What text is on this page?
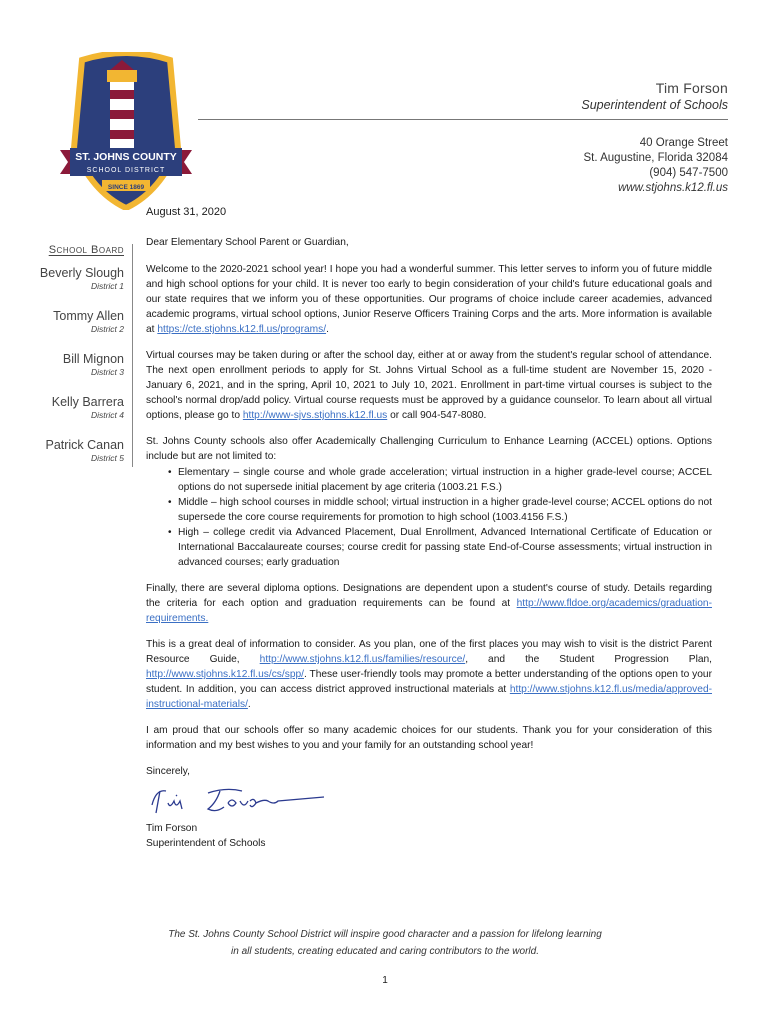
ST. JOHNS COUNTY
SCHOOL DISTRICT
SINCE 1869
Tim Forson
Superintendent of Schools
40 Orange Street
St. Augustine, Florida 32084
(904) 547-7500
www.stjohns.k12.fl.us
August 31, 2020
School Board
Beverly Slough
District 1
Tommy Allen
District 2
Bill Mignon
District 3
Kelly Barrera
District 4
Patrick Canan
District 5

Dear Elementary School Parent or Guardian,

Welcome to the 2020-2021 school year! I hope you had a wonderful summer. This letter serves to inform you of future middle and high school options for your child. It is never too early to begin consideration of your child's future educational goals and our state requires that we inform you of these opportunities. Our programs of choice include career academies, advanced academic programs, virtual school options, Junior Reserve Officers Training Corps and the arts. More information is available at https://cte.stjohns.k12.fl.us/programs/.

Virtual courses may be taken during or after the school day, either at or away from the student's regular school of attendance. The next open enrollment periods to apply for St. Johns Virtual School as a full-time student are November 15, 2020 - January 6, 2021, and in the spring, April 10, 2021 to July 10, 2021. Enrollment in part-time virtual courses is subject to the school's normal drop/add policy. Virtual course requests must be approved by a guidance counselor. To learn about all virtual options, please go to http://www-sjvs.stjohns.k12.fl.us or call 904-547-8080.

St. Johns County schools also offer Academically Challenging Curriculum to Enhance Learning (ACCEL) options. Options include but are not limited to:

• Elementary – single course and whole grade acceleration; virtual instruction in a higher grade-level course; ACCEL options do not supersede initial placement by age criteria (1003.21 F.S.)
• Middle – high school courses in middle school; virtual instruction in a higher grade-level course; ACCEL options do not supersede the core course requirements for promotion to high school (1003.4156 F.S.)
• High – college credit via Advanced Placement, Dual Enrollment, Advanced International Certificate of Education or International Baccalaureate courses; course credit for passing state End-of-Course assessments; virtual instruction in advanced courses; early graduation

Finally, there are several diploma options. Designations are dependent upon a student's course of study. Details regarding the criteria for each option and graduation requirements can be found at http://www.fldoe.org/academics/graduation-requirements.

This is a great deal of information to consider. As you plan, one of the first places you may wish to visit is the district Parent Resource Guide, http://www.stjohns.k12.fl.us/families/resource/, and the Student Progression Plan, http://www.stjohns.k12.fl.us/cs/spp/. These user-friendly tools may promote a better understanding of the options open to your student. In addition, you can access district approved instructional materials at http://www.stjohns.k12.fl.us/media/approved-instructional-materials/.

I am proud that our schools offer so many academic choices for our students. Thank you for your consideration of this information and my best wishes to you and your family for an outstanding school year!

Sincerely,

Tim Forson

Superintendent of Schools

The St. Johns County School District will inspire good character and a passion for lifelong learning
in all students, creating educated and caring contributors to the world.
1
